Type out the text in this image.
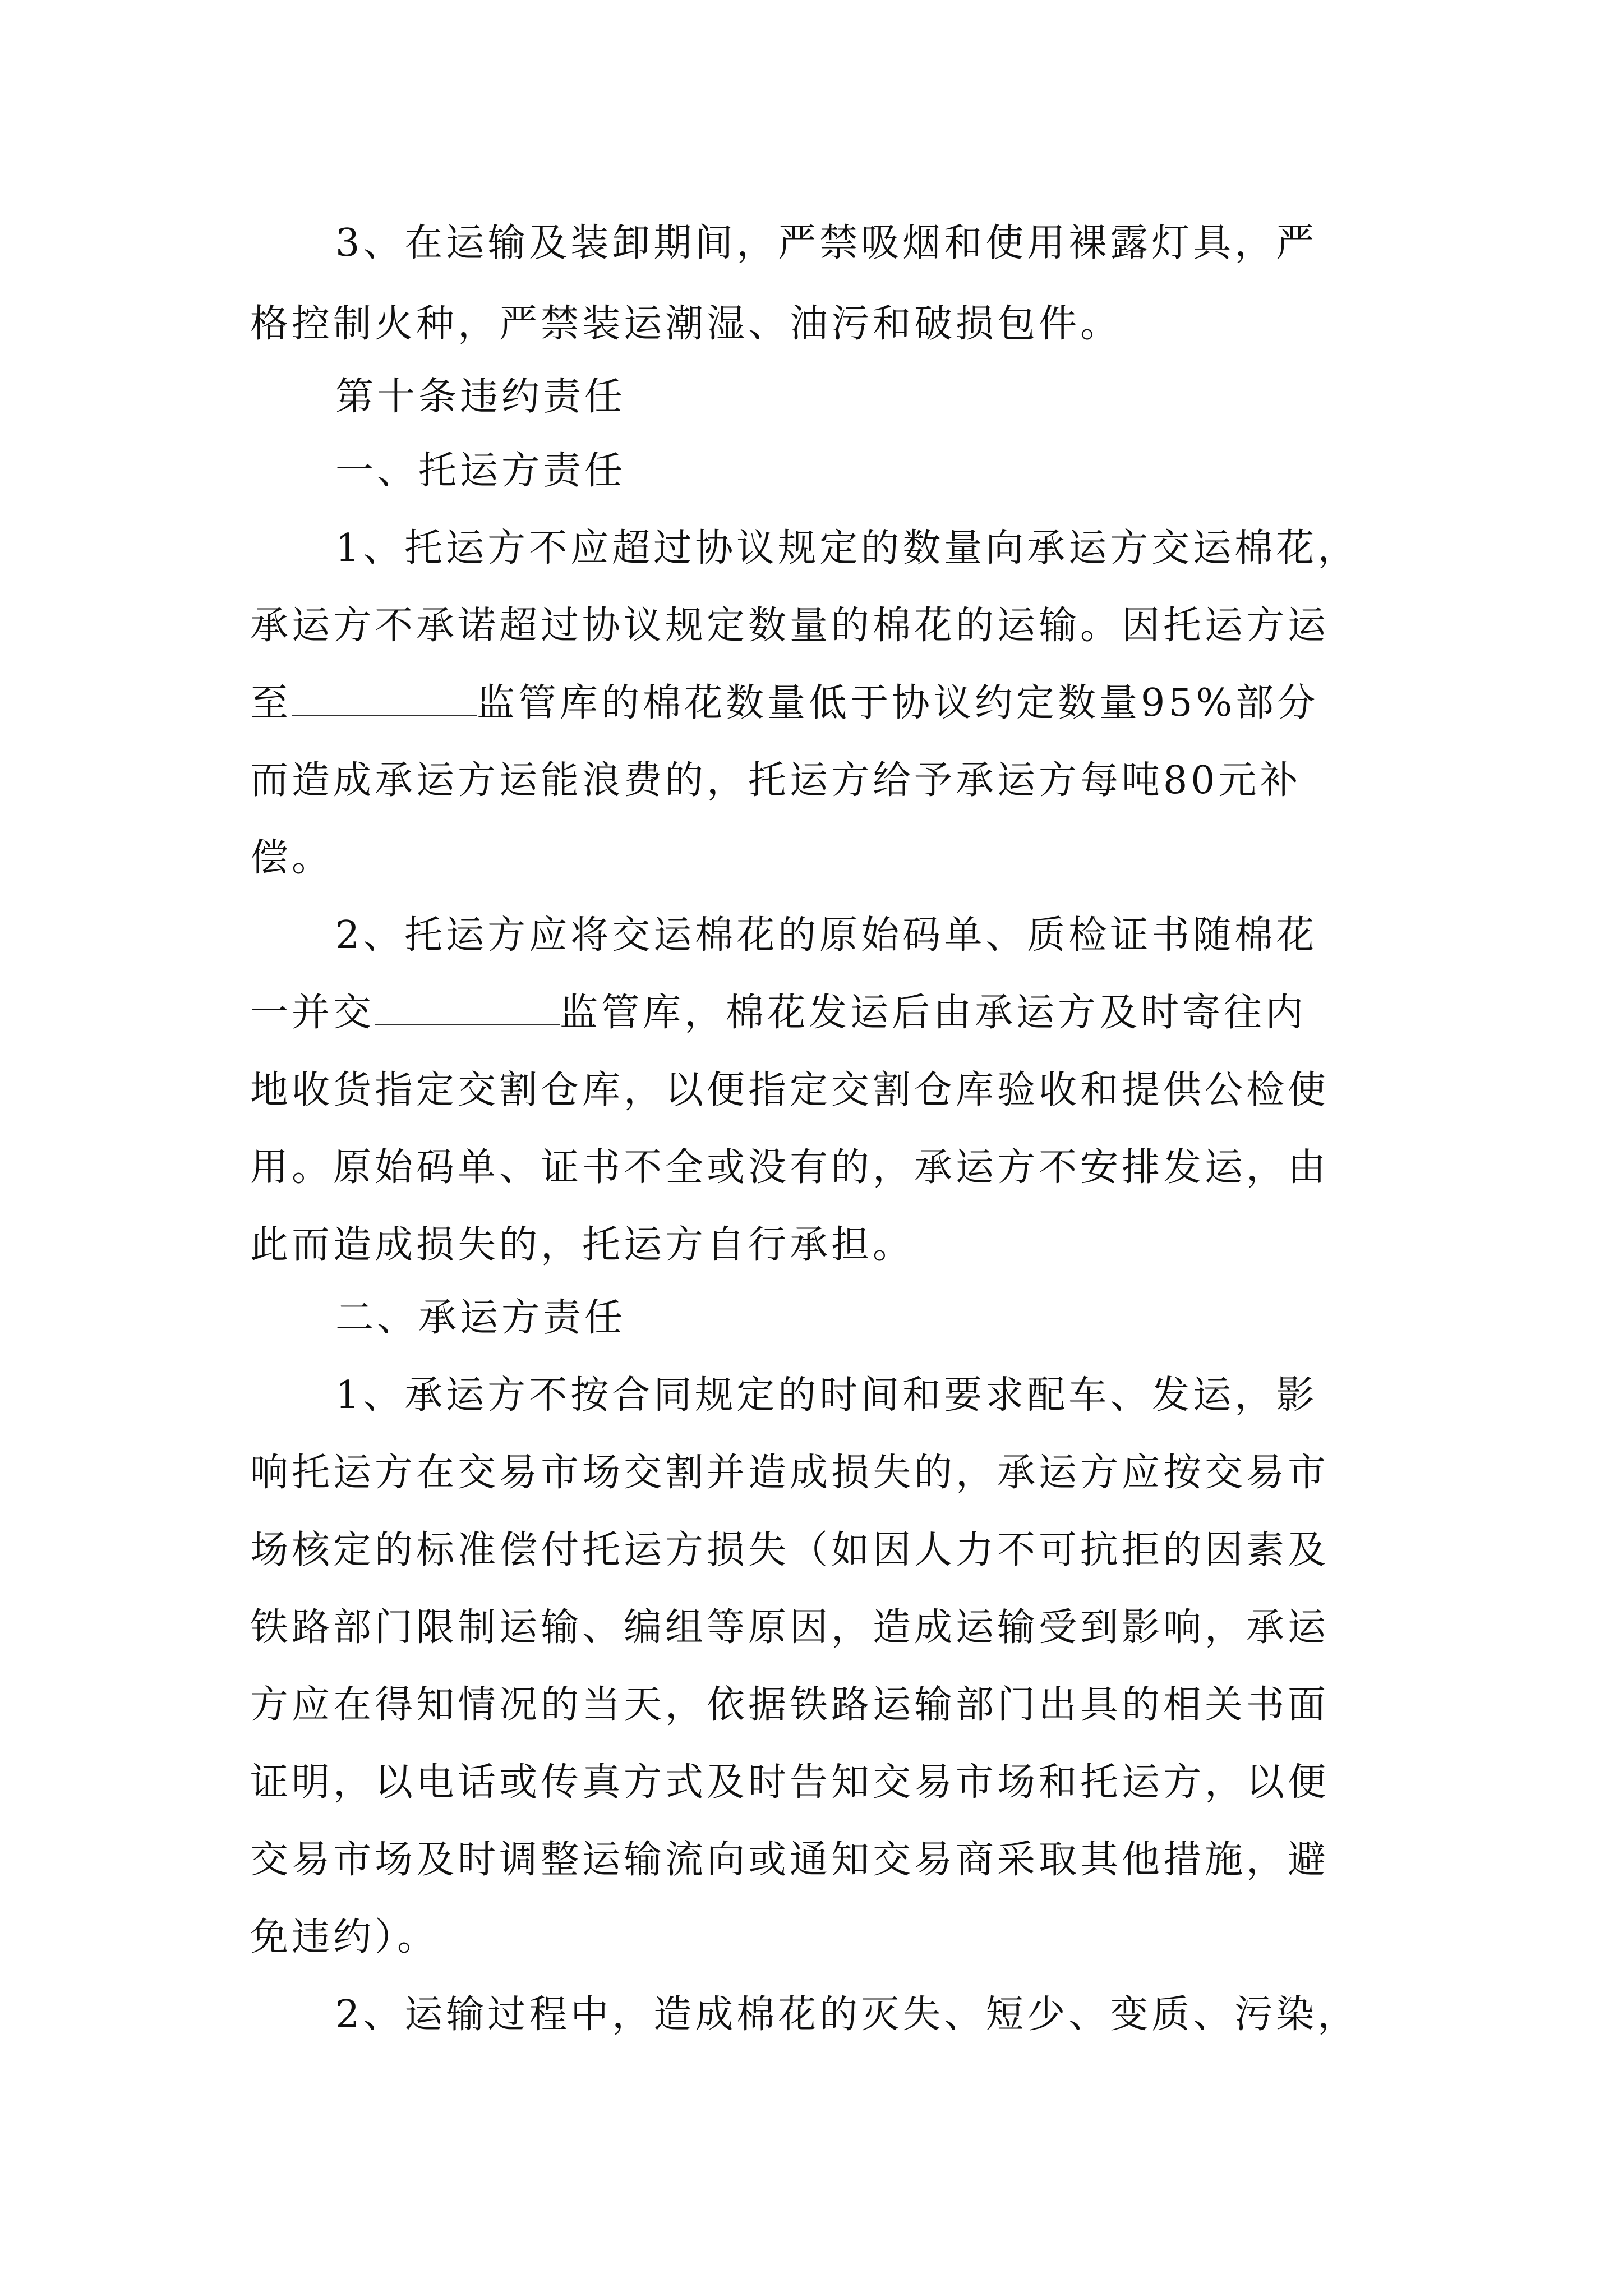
3、在运输及装卸期间，严禁吸烟和使用裸露灯具，严
格控制火种，严禁装运潮湿、油污和破损包件。
第十条违约责任
一、托运方责任
1、托运方不应超过协议规定的数量向承运方交运棉花，
承运方不承诺超过协议规定数量的棉花的运输。因托运方运
至	监管库的棉花数量低于协议约定数量95%部分
而造成承运方运能浪费的，托运方给予承运方每吨80元补
偿。
2、托运方应将交运棉花的原始码单、质检证书随棉花
一并交	监管库，棉花发运后由承运方及时寄往内
地收货指定交割仓库，以便指定交割仓库验收和提供公检使
用。原始码单、证书不全或没有的，承运方不安排发运，由
此而造成损失的，托运方自行承担。
二、承运方责任
1、承运方不按合同规定的时间和要求配车、发运，影
响托运方在交易市场交割并造成损失的，承运方应按交易市
场核定的标准偿付托运方损失（如因人力不可抗拒的因素及
铁路部门限制运输、编组等原因，造成运输受到影响，承运
方应在得知情况的当天，依据铁路运输部门出具的相关书面
证明，以电话或传真方式及时告知交易市场和托运方，以便
交易市场及时调整运输流向或通知交易商采取其他措施，避
免违约）。
2、运输过程中，造成棉花的灭失、短少、变质、污染，
